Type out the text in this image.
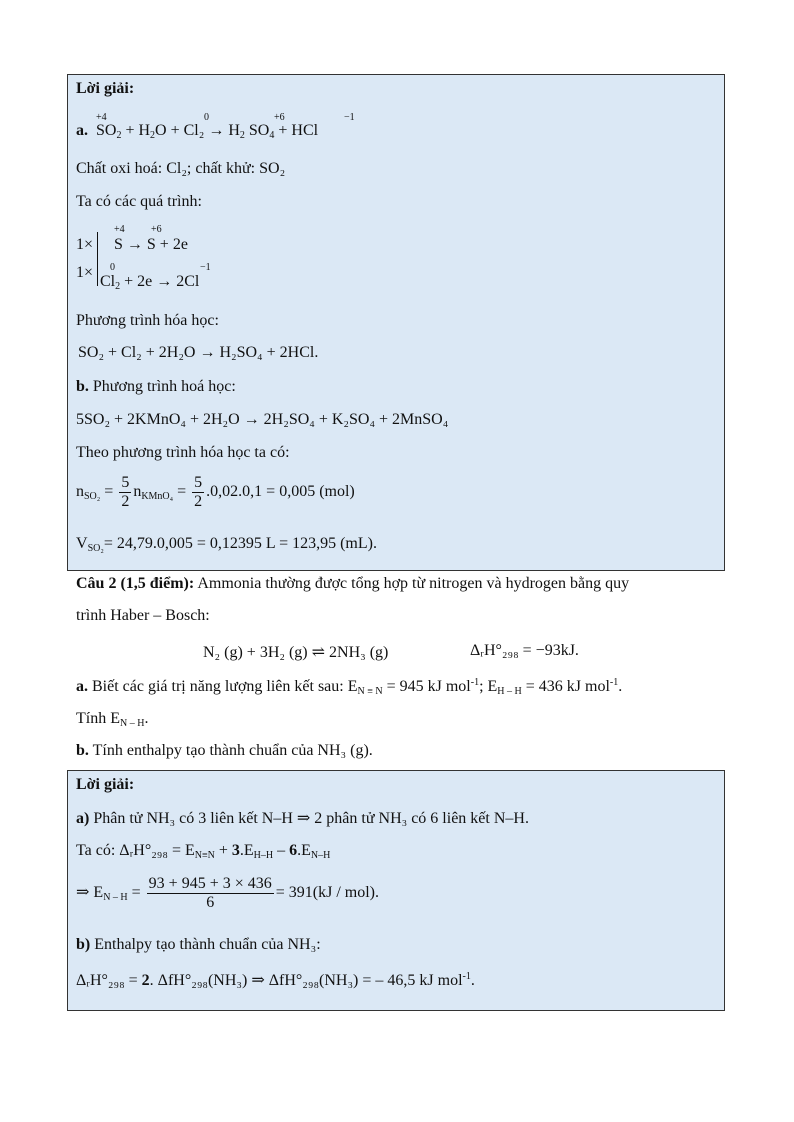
Lời giải:
a. $SO_2 + H_2O + Cl_2 \to H_2$ $SO_4$ + HCl
+4	0	+6	−1
Chất oxi hoá: Cl₂; chất khử: SO₂
Ta có các quá trình:
1×
+4	+6
S → S + 2e
1× 0	−1
$Cl_2 + 2e \to 2Cl$
Phương trình hóa học:
SO₂ + Cl₂ + 2H₂O → H₂SO₄ + 2HCl.
b. Phương trình hoá học:
5SO₂ + 2KMnO₄ + 2H₂O → 2H₂SO₄ + K₂SO₄ + 2MnSO₄
Theo phương trình hóa học ta có:
$n_{SO_2} = \frac{5}{2} n_{KMnO_4} = \frac{5}{2} .0,02.0,1 = 0,005$ (mol)
$V_{SO_2}= 24,79.0,005 = 0,12395$ L = 123,95 (mL).
Câu 2 (1,5 điểm): Ammonia thường được tổng hợp từ nitrogen và hydrogen bằng quy
trình Haber – Bosch:
N₂ (g) + 3H₂ (g) ⇌ 2NH₃ (g)	ΔᵣH°₂₉₈ = −93kJ.
a. Biết các giá trị năng lượng liên kết sau: $E_{N \equiv N} = 945$ kJ mol$^{-1}$; $E_{H - H} = 436$ kJ mol$^{-1}$.
Tính $E_{N - H}$.
b. Tính enthalpy tạo thành chuẩn của NH₃ (g).
Lời giải:
a) Phân tử NH₃ có 3 liên kết N–H ⇒ 2 phân tử NH₃ có 6 liên kết N–H.
Ta có: ΔᵣH°₂₉₈ = $E_{N\equiv N} + 3.E_{H-H} - 6.E_{N-H}$
⇒ $E_{N - H} = \frac{93 + 945 + 3 \times 436}{6} = 391(kJ / mol)$.
b) Enthalpy tạo thành chuẩn của NH₃:
ΔᵣH°₂₉₈ = 2. ΔfH°₂₉₈(NH₃) ⇒ ΔfH°₂₉₈(NH₃) = – 46,5 kJ mol$^{-1}$.
